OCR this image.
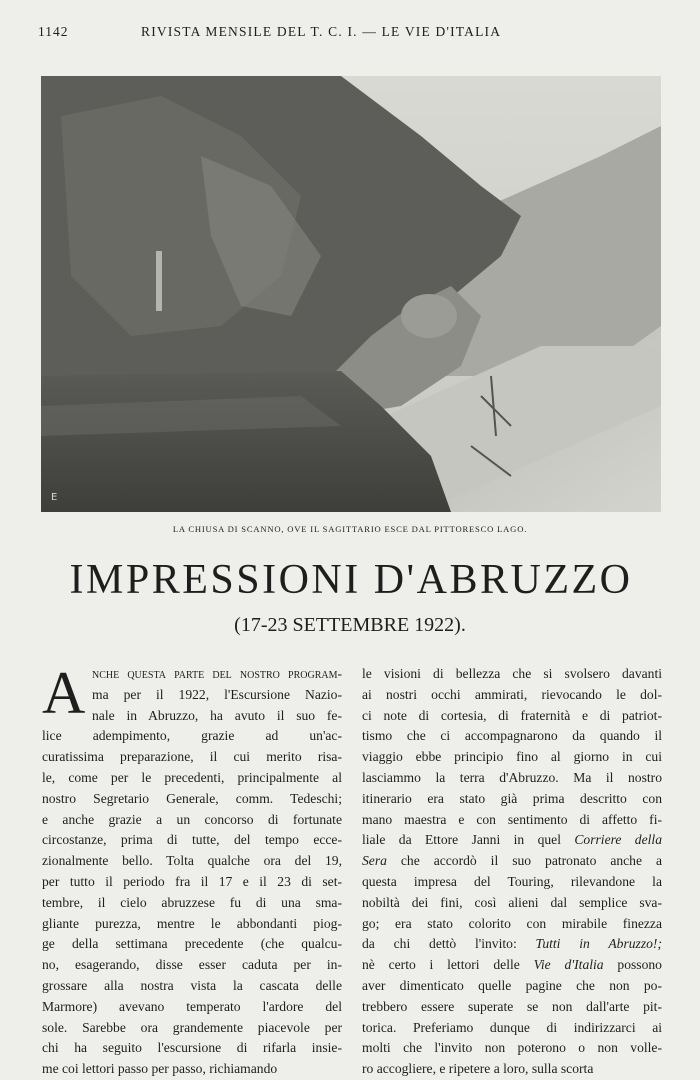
1142	RIVISTA MENSILE DEL T. C. I. — LE VIE D'ITALIA
E
LA CHIUSA DI SCANNO, OVE IL SAGITTARIO ESCE DAL PITTORESCO LAGO.
IMPRESSIONI D'ABRUZZO
(17-23 SETTEMBRE 1922).
A nche questa parte del nostro program-
ma per il 1922, l'Escursione Nazio-
nale in Abruzzo, ha avuto il suo fe-
lice adempimento, grazie ad un'ac-
curatissima preparazione, il cui merito risa-
le, come per le precedenti, principalmente al
nostro Segretario Generale, comm. Tedeschi;
e anche grazie a un concorso di fortunate
circostanze, prima di tutte, del tempo ecce-
zionalmente bello. Tolta qualche ora del 19,
per tutto il periodo fra il 17 e il 23 di set-
tembre, il cielo abruzzese fu di una sma-
gliante purezza, mentre le abbondanti piog-
ge della settimana precedente (che qualcu-
no, esagerando, disse esser caduta per in-
grossare alla nostra vista la cascata delle
Marmore) avevano temperato l'ardore del
sole. Sarebbe ora grandemente piacevole per
chi ha seguito l'escursione di rifarla insie-
me coi lettori passo per passo, richiamando
le visioni di bellezza che si svolsero davanti
ai nostri occhi ammirati, rievocando le dol-
ci note di cortesia, di fraternità e di patriot-
tismo che ci accompagnarono da quando il
viaggio ebbe principio fino al giorno in cui
lasciammo la terra d'Abruzzo. Ma il nostro
itinerario era stato già prima descritto con
mano maestra e con sentimento di affetto fi-
liale da Ettore Janni in quel Corriere della
Sera che accordò il suo patronato anche a
questa impresa del Touring, rilevandone la
nobiltà dei fini, così alieni dal semplice sva-
go; era stato colorito con mirabile finezza
da chi dettò l'invito: Tutti in Abruzzo!;
nè certo i lettori delle Vie d'Italia possono
aver dimenticato quelle pagine che non po-
trebbero essere superate se non dall'arte pit-
torica. Preferiamo dunque di indirizzarci ai
molti che l'invito non poterono o non volle-
ro accogliere, e ripetere a loro, sulla scorta
